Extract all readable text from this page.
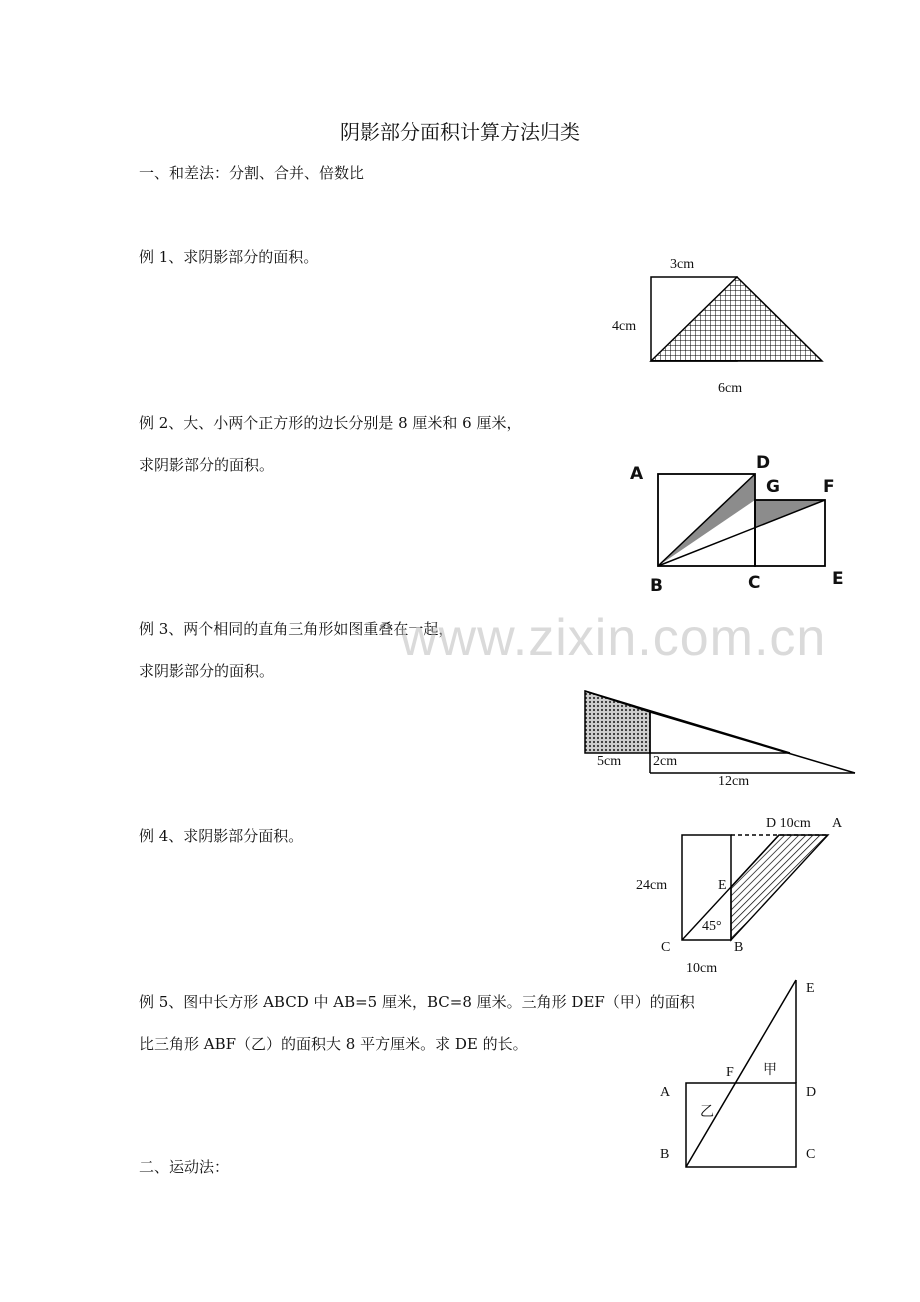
阴影部分面积计算方法归类
一、和差法：分割、合并、倍数比
例 1、求阴影部分的面积。
例 2、大、小两个正方形的边长分别是 8 厘米和 6 厘米，
求阴影部分的面积。
例 3、两个相同的直角三角形如图重叠在一起，
求阴影部分的面积。
例 4、求阴影部分面积。
例 5、图中长方形 ABCD 中 AB=5 厘米，BC=8 厘米。三角形 DEF（甲）的面积
比三角形 ABF（乙）的面积大 8 平方厘米。求 DE 的长。
二、运动法：
www.zixin.com.cn
3cm
4cm
6cm
A
D
G	F
B	C	E
5cm 2cm
12cm
D 10cm A
24cm	E
45°
C	B
10cm
E
F 甲
A	D
乙
B	C
